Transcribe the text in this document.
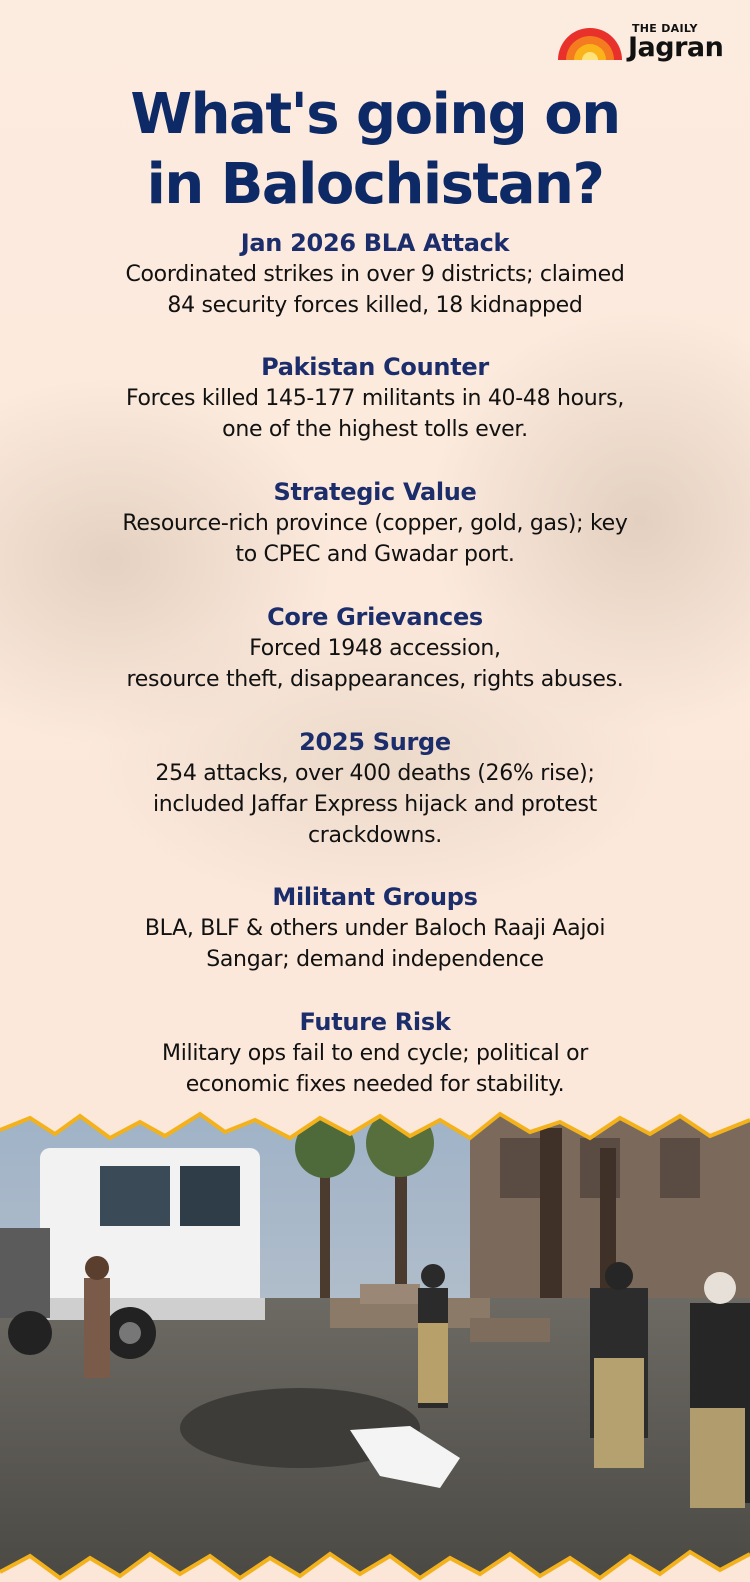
THE DAILY
Jagran
What's going on
in Balochistan?
Jan 2026 BLA Attack
Coordinated strikes in over 9 districts; claimed
84 security forces killed, 18 kidnapped
Pakistan Counter
Forces killed 145-177 militants in 40-48 hours,
one of the highest tolls ever.
Strategic Value
Resource-rich province (copper, gold, gas); key
to CPEC and Gwadar port.
Core Grievances
Forced 1948 accession,
resource theft, disappearances, rights abuses.
2025 Surge
254 attacks, over 400 deaths (26% rise);
included Jaffar Express hijack and protest
crackdowns.
Militant Groups
BLA, BLF & others under Baloch Raaji Aajoi
Sangar; demand independence
Future Risk
Military ops fail to end cycle; political or
economic fixes needed for stability.
